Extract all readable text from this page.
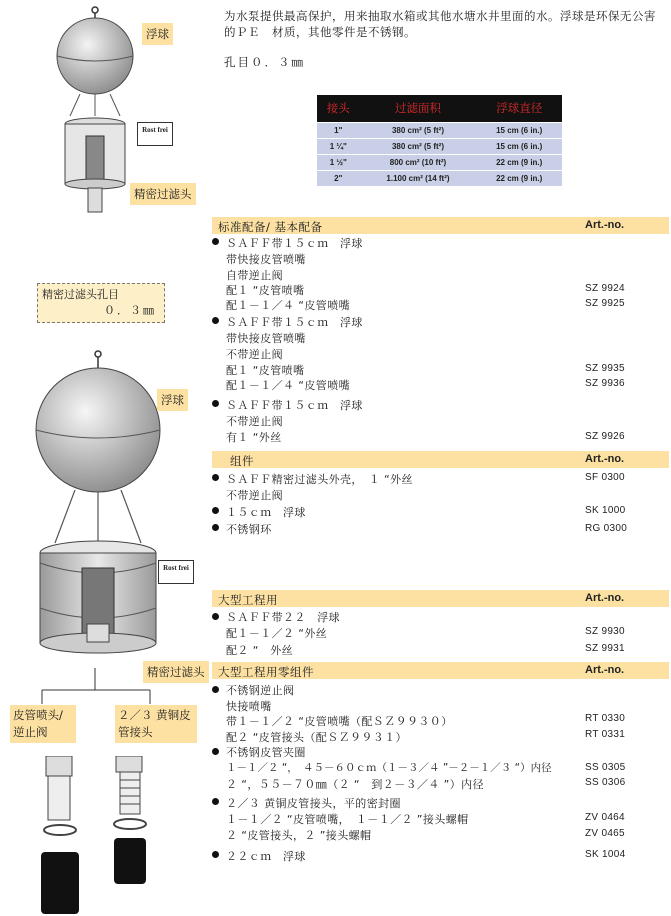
浮球
Rost frei
精密过滤头
为水泵提供最高保护，用来抽取水箱或其他水塘水井里面的水。浮球是环保无公害的ＰＥ　材质，其他零件是不锈钢。
孔目０．３㎜
接头	过滤面积	浮球直径
1"	380 cm² (5 ft²)	15 cm (6 in.)
1 ¼"	380 cm² (5 ft²)	15 cm (6 in.)
1 ½"	800 cm² (10 ft²)	22 cm (9 in.)
2"	1.100 cm² (14 ft²)	22 cm (9 in.)
精密过滤头孔目
０．３㎜
标准配备/ 基本配备	Art.-no.
ＳＡＦＦ带１５ｃｍ　浮球
带快接皮管喷嘴
自带逆止阀
配１ “皮管喷嘴	SZ 9924
配１－１／４ “皮管喷嘴	SZ 9925
ＳＡＦＦ带１５ｃｍ　浮球
带快接皮管喷嘴
不带逆止阀
配１ “皮管喷嘴	SZ 9935
配１－１／４ “皮管喷嘴	SZ 9936
ＳＡＦＦ带１５ｃｍ　浮球
不带逆止阀
有１ “外丝	SZ 9926
组件	Art.-no.
ＳＡＦＦ精密过滤头外壳，　１ “外丝	SF 0300
不带逆止阀
１５ｃｍ　浮球	SK 1000
不锈钢环	RG 0300
浮球
Rost frei
精密过滤头
大型工程用	Art.-no.
ＳＡＦＦ带２２　浮球
配１－１／２ “外丝	SZ 9930
配２ “　外丝	SZ 9931
大型工程用零组件	Art.-no.
不锈钢逆止阀
快接喷嘴
带１－１／２ “皮管喷嘴（配ＳＺ９９３０）	RT 0330
配２ “皮管接头（配ＳＺ９９３１）	RT 0331
不锈钢皮管夹圈
１－１／２ “，　４５－６０ｃｍ（１－３／４ ”－２－１／３ “）内径	SS 0305
２ “，５５－７０㎜（２ “　到２－３／４ ”）内径	SS 0306
２／３ 黄铜皮管接头，平的密封圈
１－１／２ “皮管喷嘴，　１－１／２ ”接头螺帽	ZV 0464
２ “皮管接头，２ ”接头螺帽	ZV 0465
２２ｃｍ　浮球	SK 1004
皮管喷头/逆止阀
２／３ 黄铜皮管接头
